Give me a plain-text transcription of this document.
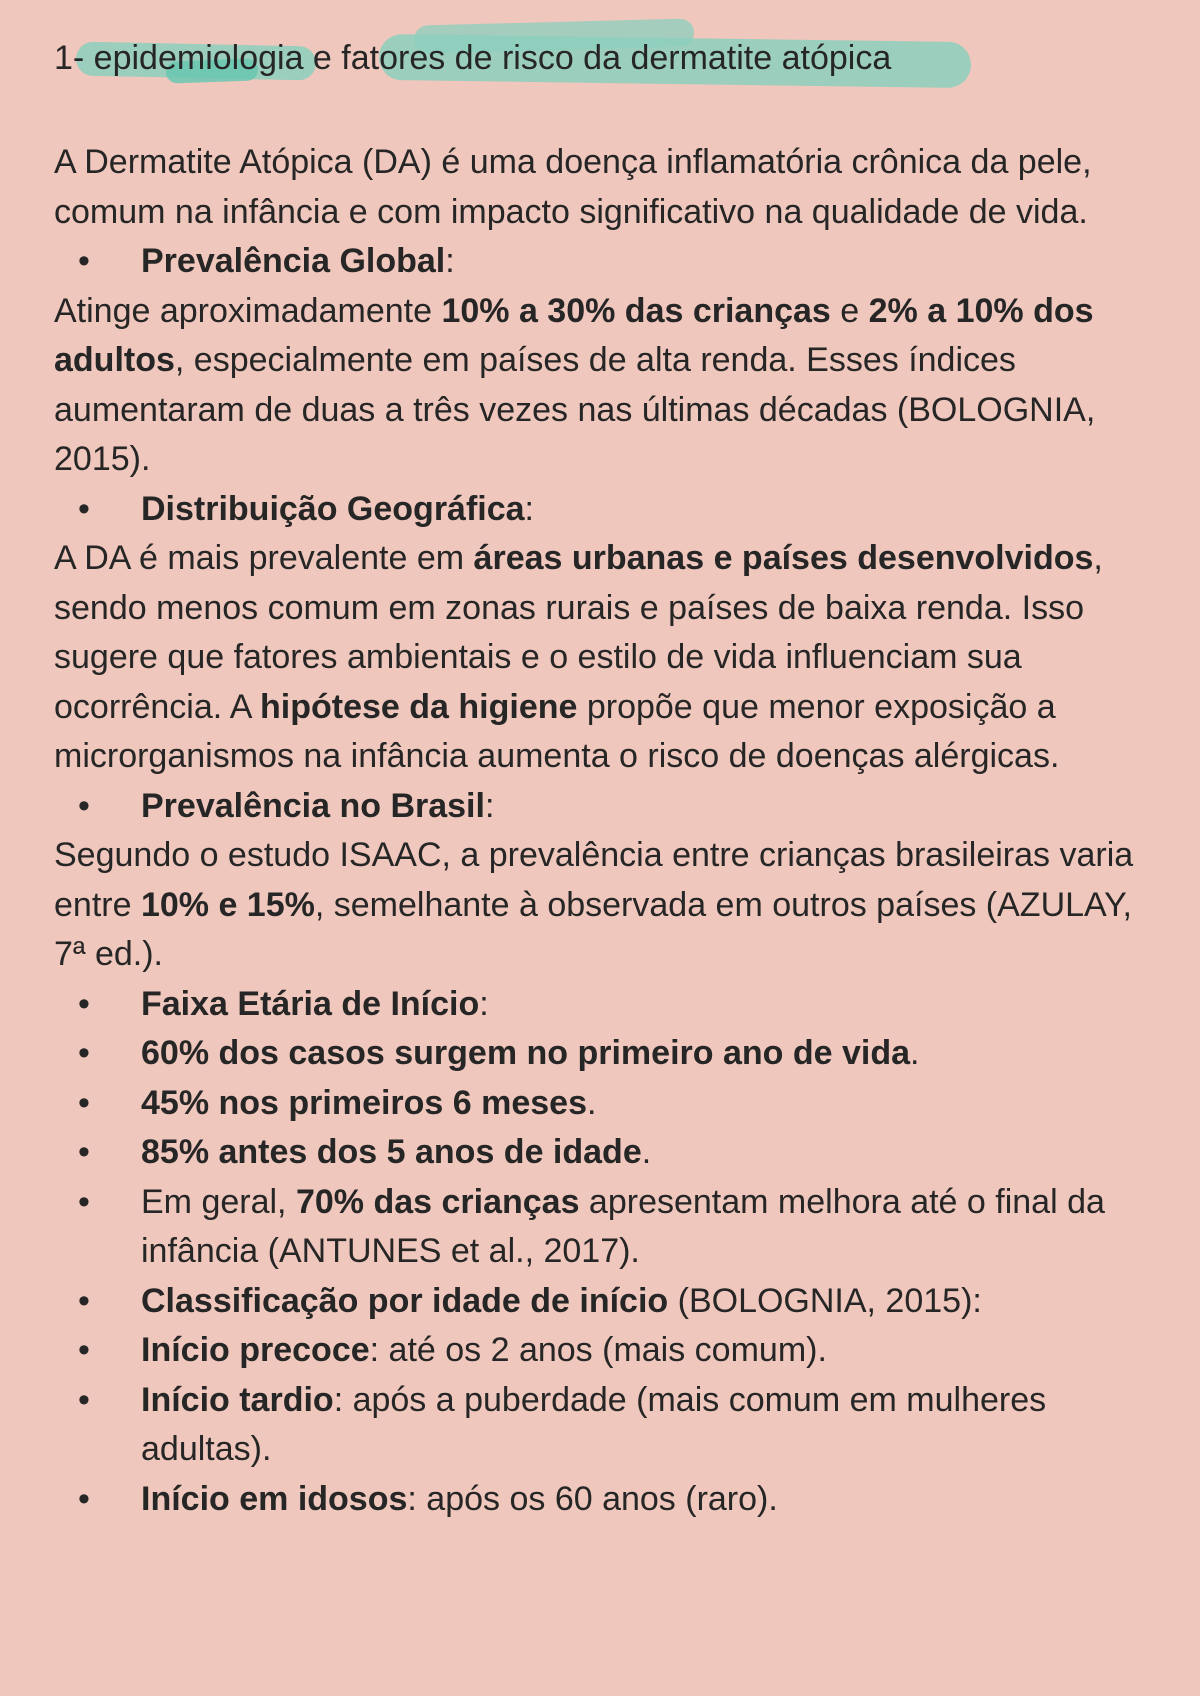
1- epidemiologia e fatores de risco da dermatite atópica

A Dermatite Atópica (DA) é uma doença inflamatória crônica da pele, comum na infância e com impacto significativo na qualidade de vida.

• Prevalência Global:

Atinge aproximadamente 10% a 30% das crianças e 2% a 10% dos adultos, especialmente em países de alta renda. Esses índices aumentaram de duas a três vezes nas últimas décadas (BOLOGNIA, 2015).

• Distribuição Geográfica:

A DA é mais prevalente em áreas urbanas e países desenvolvidos, sendo menos comum em zonas rurais e países de baixa renda. Isso sugere que fatores ambientais e o estilo de vida influenciam sua ocorrência. A hipótese da higiene propõe que menor exposição a microrganismos na infância aumenta o risco de doenças alérgicas.

• Prevalência no Brasil:

Segundo o estudo ISAAC, a prevalência entre crianças brasileiras varia entre 10% e 15%, semelhante à observada em outros países (AZULAY, 7ª ed.).

• Faixa Etária de Início:
• 60% dos casos surgem no primeiro ano de vida.
• 45% nos primeiros 6 meses.
• 85% antes dos 5 anos de idade.
• Em geral, 70% das crianças apresentam melhora até o final da infância (ANTUNES et al., 2017).
• Classificação por idade de início (BOLOGNIA, 2015):
• Início precoce: até os 2 anos (mais comum).
• Início tardio: após a puberdade (mais comum em mulheres adultas).
• Início em idosos: após os 60 anos (raro).
